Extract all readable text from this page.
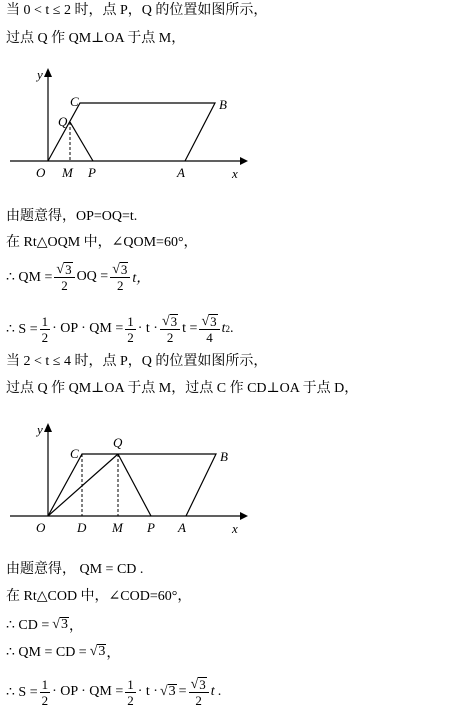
当 0 < t ≤ 2 时，点 P，Q 的位置如图所示，
过点 Q 作 QM⊥OA 于点 M，
y
x
O
C	B
Q
M P	A
由题意得，OP=OQ=t.
在 Rt△OQM 中，∠QOM=60°，
∴ QM = $\frac{√ 3}{2}$ OQ = $\frac{√ 3}{2}$ t，
∴ $S = \frac{1}{2}$ · OP · QM = $\frac{1}{2} \cdot t \cdot \frac{√ 3}{2}$ $t = \frac{√ 3}{4}$ t 2 .
当 2 < t ≤ 4 时，点 P，Q 的位置如图所示，
过点 Q 作 QM⊥OA 于点 M，过点 C 作 CD⊥OA 于点 D，
y
x
O
C	B
Q
D M P A
由题意得， QM = CD .
在 Rt△COD 中，∠COD=60°，
∴ CD = √ 3 ，
∴ QM = CD = √ 3 ，
∴ $S = \frac{1}{2}$ · OP · QM = $\frac{1}{2} \cdot t$ · √ $3 = \frac{√ 3}{2}$ t .
